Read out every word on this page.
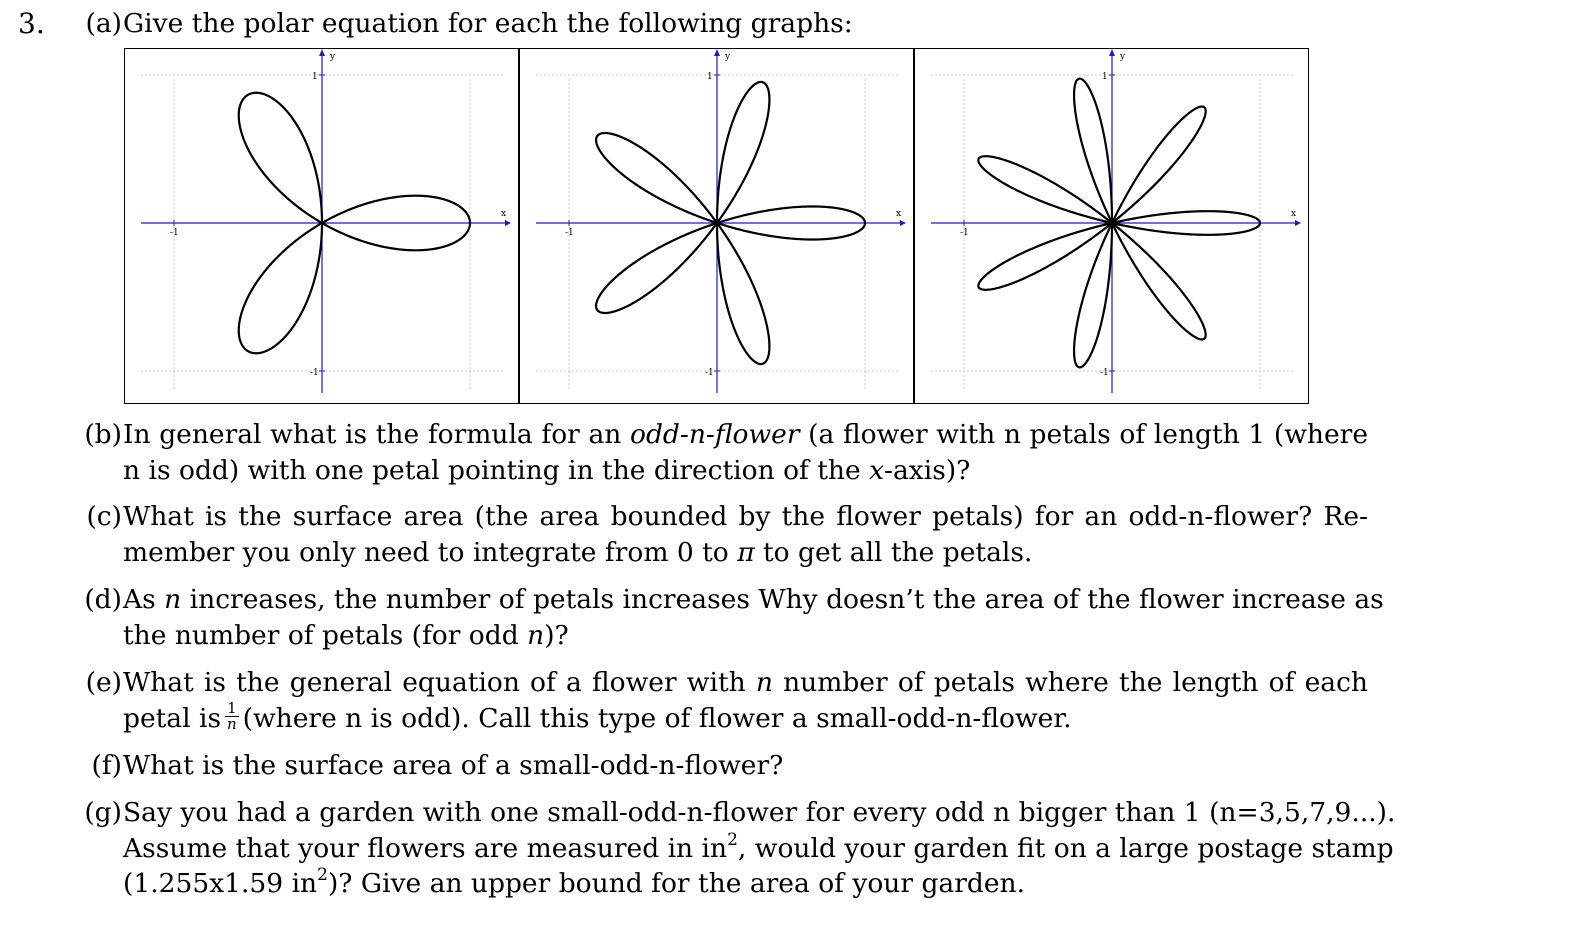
3.	(a) Give the polar equation for each the following graphs:
-1
1
-1
x
y
-1
1
-1
x
y
-1
1
-1
x
y
(b) In general what is the formula for an odd-n-flower (a flower with n petals of length 1 (where
n is odd) with one petal pointing in the direction of the x-axis)?
(c) What is the surface area (the area bounded by the flower petals) for an odd-n-flower? Re-
member you only need to integrate from 0 to π to get all the petals.
(d) As n increases, the number of petals increases Why doesn’t the area of the flower increase as
the number of petals (for odd n)?
(e) What is the general equation of a flower with n number of petals where the length of each
petal is $\frac{1}{n}$ (where n is odd). Call this type of flower a small-odd-n-flower.
(f) What is the surface area of a small-odd-n-flower?
(g) Say you had a garden with one small-odd-n-flower for every odd n bigger than 1 (n=3,5,7,9...).
Assume that your flowers are measured in $in^2$, would your garden fit on a large postage stamp
(1.255x1.59 $in^2$)? Give an upper bound for the area of your garden.
